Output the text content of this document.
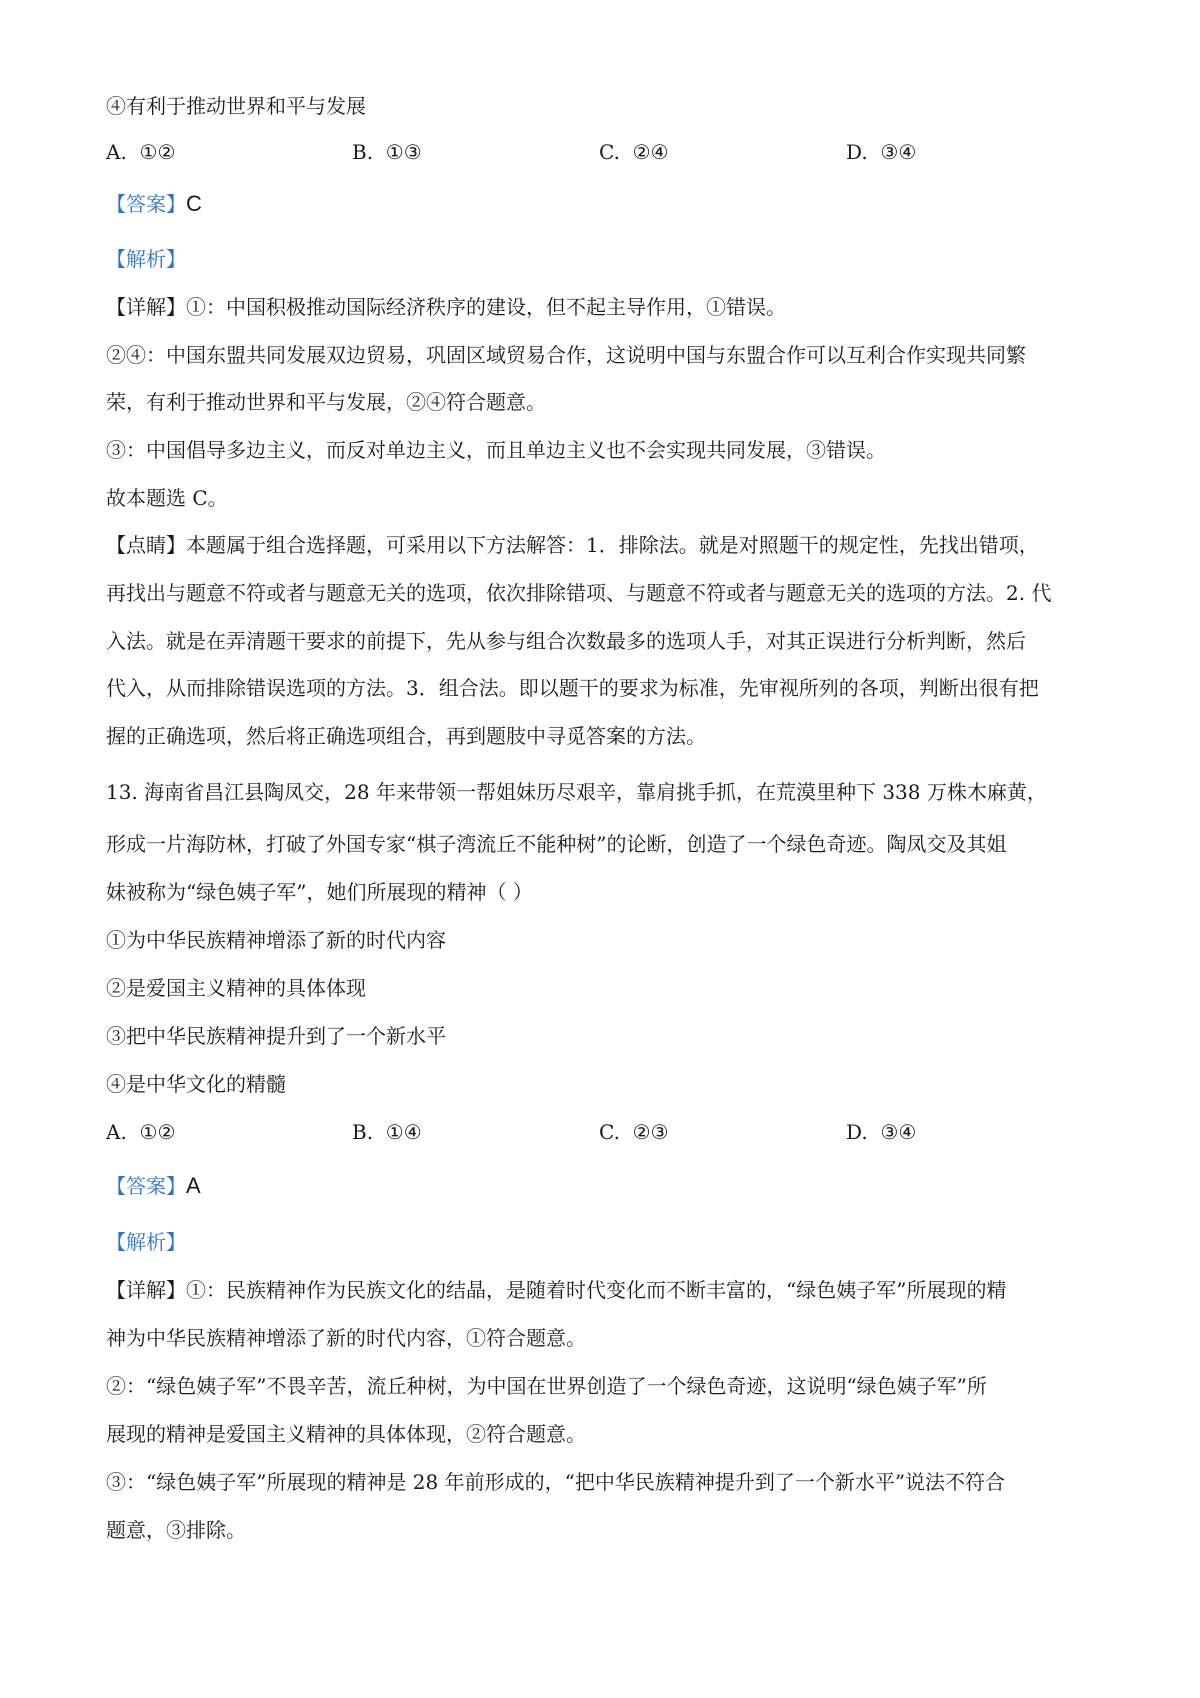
④有利于推动世界和平与发展
A. ①②	B. ①③	C. ②④	D. ③④
【答案】C
【解析】
【详解】①：中国积极推动国际经济秩序的建设，但不起主导作用，①错误。
②④：中国东盟共同发展双边贸易，巩固区域贸易合作，这说明中国与东盟合作可以互利合作实现共同繁
荣，有利于推动世界和平与发展，②④符合题意。
③：中国倡导多边主义，而反对单边主义，而且单边主义也不会实现共同发展，③错误。
故本题选 C。
【点睛】本题属于组合选择题，可采用以下方法解答：1．排除法。就是对照题干的规定性，先找出错项，
再找出与题意不符或者与题意无关的选项，依次排除错项、与题意不符或者与题意无关的选项的方法。2. 代
入法。就是在弄清题干要求的前提下，先从参与组合次数最多的选项人手，对其正误进行分析判断，然后
代入，从而排除错误选项的方法。3．组合法。即以题干的要求为标准，先审视所列的各项，判断出很有把
握的正确选项，然后将正确选项组合，再到题肢中寻觅答案的方法。
13. 海南省昌江县陶凤交，28 年来带领一帮姐妹历尽艰辛，靠肩挑手抓，在荒漠里种下 338 万株木麻黄，
形成一片海防林，打破了外国专家“棋子湾流丘不能种树”的论断，创造了一个绿色奇迹。陶凤交及其姐
妹被称为“绿色姨子军”，她们所展现的精神（ ）
①为中华民族精神增添了新的时代内容
②是爱国主义精神的具体体现
③把中华民族精神提升到了一个新水平
④是中华文化的精髓
A. ①②	B. ①④	C. ②③	D. ③④
【答案】A
【解析】
【详解】①：民族精神作为民族文化的结晶，是随着时代变化而不断丰富的，“绿色姨子军”所展现的精
神为中华民族精神增添了新的时代内容，①符合题意。
②：“绿色姨子军”不畏辛苦，流丘种树，为中国在世界创造了一个绿色奇迹，这说明“绿色姨子军”所
展现的精神是爱国主义精神的具体体现，②符合题意。
③：“绿色姨子军”所展现的精神是 28 年前形成的，“把中华民族精神提升到了一个新水平”说法不符合
题意，③排除。
